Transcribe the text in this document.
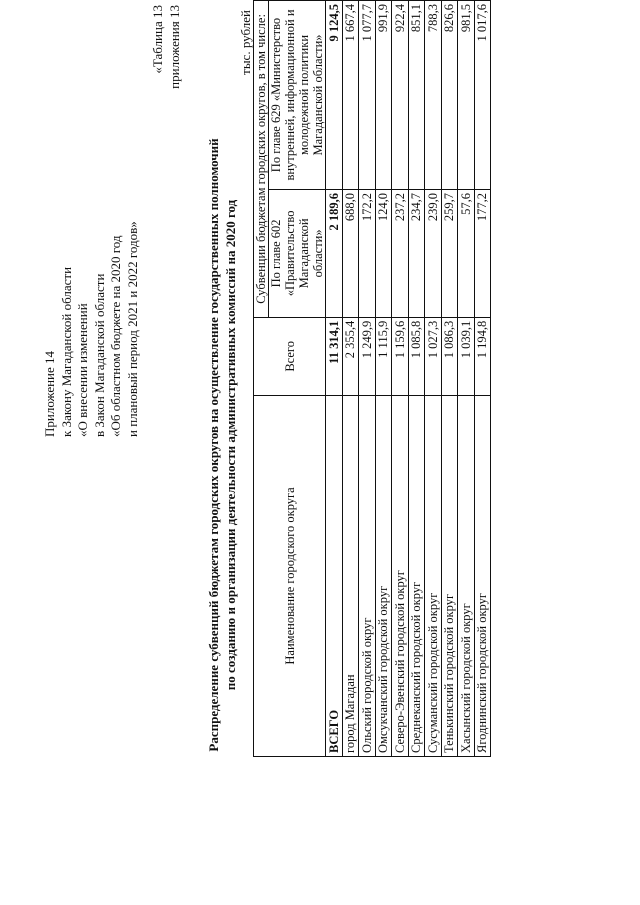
Приложение 14 к Закону Магаданской области «О внесении изменений в Закон Магаданской области «Об областном бюджете на 2020 год и плановый период 2021 и 2022 годов»
«Таблица 13 приложения 13
Распределение субвенций бюджетам городских округов на осуществление государственных полномочий по созданию и организации деятельности административных комиссий на 2020 год
тыс. рублей
Наименование городского округа	Всего	Субвенции бюджетам городских округов, в том числе:	
		По главе 602 «Правительство Магаданской области»	По главе 629 «Министерство внутренней, информационной и молодежной политики Магаданской области»
ВСЕГО	11 314,1	2 189,6	9 124,5
город Магадан	2 355,4	688,0	1 667,4
Ольский городской округ	1 249,9	172,2	1 077,7
Омсукчанский городской округ	1 115,9	124,0	991,9
Северо-Эвенский городской округ	1 159,6	237,2	922,4
Среднеканский городской округ	1 085,8	234,7	851,1
Сусуманский городской округ	1 027,3	239,0	788,3
Тенькинский городской округ	1 086,3	259,7	826,6
Хасынский городской округ	1 039,1	57,6	981,5
Ягоднинский городской округ	1 194,8	177,2	1 017,6
